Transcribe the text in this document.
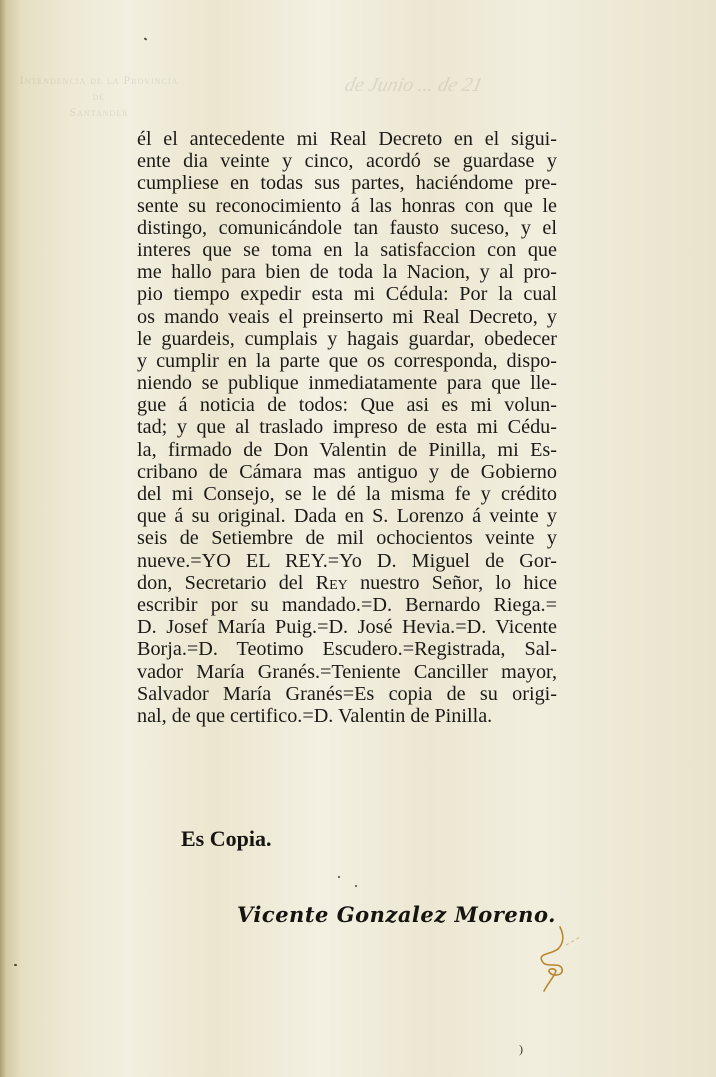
Intendencia de la Provincia
de
Santander
de Junio ... de 21
él el antecedente mi Real Decreto en el sigui-
ente dia veinte y cinco, acordó se guardase y
cumpliese en todas sus partes, haciéndome pre-
sente su reconocimiento á las honras con que le
distingo, comunicándole tan fausto suceso, y el
interes que se toma en la satisfaccion con que
me hallo para bien de toda la Nacion, y al pro-
pio tiempo expedir esta mi Cédula: Por la cual
os mando veais el preinserto mi Real Decreto, y
le guardeis, cumplais y hagais guardar, obedecer
y cumplir en la parte que os corresponda, dispo-
niendo se publique inmediatamente para que lle-
gue á noticia de todos: Que asi es mi volun-
tad; y que al traslado impreso de esta mi Cédu-
la, firmado de Don Valentin de Pinilla, mi Es-
cribano de Cámara mas antiguo y de Gobierno
del mi Consejo, se le dé la misma fe y crédito
que á su original. Dada en S. Lorenzo á veinte y
seis de Setiembre de mil ochocientos veinte y
nueve.=YO EL REY.=Yo D. Miguel de Gor-
don, Secretario del Rey nuestro Señor, lo hice
escribir por su mandado.=D. Bernardo Riega.=
D. Josef María Puig.=D. José Hevia.=D. Vicente
Borja.=D. Teotimo Escudero.=Registrada, Sal-
vador María Granés.=Teniente Canciller mayor,
Salvador María Granés=Es copia de su origi-
nal, de que certifico.=D. Valentin de Pinilla.
Es Copia.
Vicente Gonzalez Moreno.
)
